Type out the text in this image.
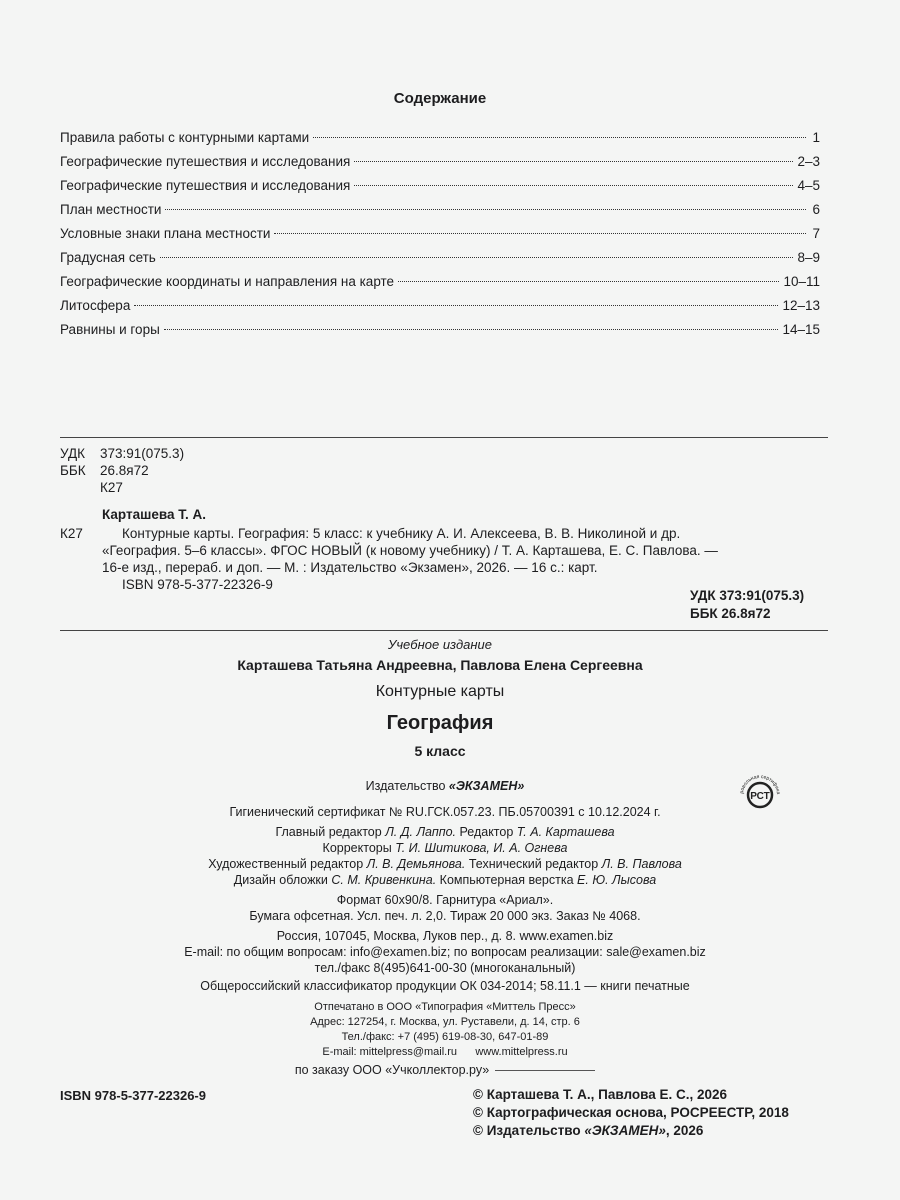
Содержание
Правила работы с контурными картами	1
Географические путешествия и исследования	2–3
Географические путешествия и исследования	4–5
План местности	6
Условные знаки плана местности	7
Градусная сеть	8–9
Географические координаты и направления на карте	10–11
Литосфера	12–13
Равнины и горы	14–15
УДК	373:91(075.3)
ББК	26.8я72
К27
Карташева Т. А.
К27	Контурные карты. География: 5 класс: к учебнику А. И. Алексеева, В. В. Николиной и др.

«География. 5–6 классы». ФГОС НОВЫЙ (к новому учебнику) / Т. А. Карташева, Е. С. Павлова. —

16-е изд., перераб. и доп. — М. : Издательство «Экзамен», 2026. — 16 с.: карт.

ISBN 978-5-377-22326-9

УДК 373:91(075.3)
ББК 26.8я72
Учебное издание
Карташева Татьяна Андреевна, Павлова Елена Сергеевна
Контурные карты
География
5 класс
РСТ
ровольная сертифика
Издательство «ЭКЗАМЕН»
Гигиенический сертификат № RU.ГСК.057.23. ПБ.05700391 с 10.12.2024 г.
Главный редактор Л. Д. Лаппо. Редактор Т. А. Карташева
Корректоры Т. И. Шитикова, И. А. Огнева
Художественный редактор Л. В. Демьянова. Технический редактор Л. В. Павлова
Дизайн обложки С. М. Кривенкина. Компьютерная верстка Е. Ю. Лысова
Формат 60x90/8. Гарнитура «Ариал».
Бумага офсетная. Усл. печ. л. 2,0. Тираж 20 000 экз. Заказ № 4068.
Россия, 107045, Москва, Луков пер., д. 8. www.examen.biz
E-mail: по общим вопросам: info@examen.biz; по вопросам реализации: sale@examen.biz
тел./факс 8(495)641-00-30 (многоканальный)
Общероссийский классификатор продукции ОК 034-2014; 58.11.1 — книги печатные
Отпечатано в ООО «Типография «Миттель Пресс»
Адрес: 127254, г. Москва, ул. Руставели, д. 14, стр. 6
Тел./факс: +7 (495) 619-08-30, 647-01-89
E-mail: mittelpress@mail.ru      www.mittelpress.ru
по заказу ООО «Учколлектор.ру»
ISBN 978-5-377-22326-9	© Карташева Т. А., Павлова Е. С., 2026
© Картографическая основа, РОСРЕЕСТР, 2018
© Издательство «ЭКЗАМЕН», 2026
